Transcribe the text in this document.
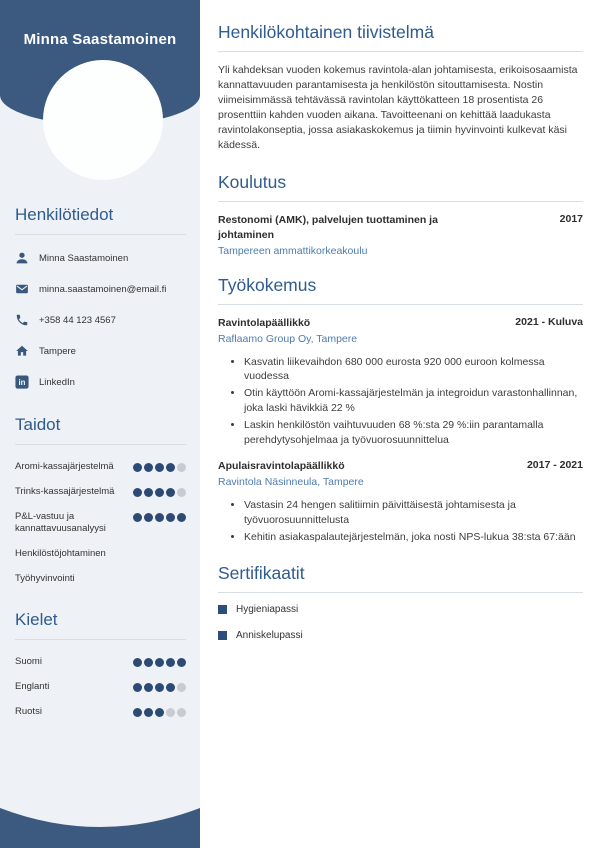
Minna Saastamoinen
Henkilötiedot
Minna Saastamoinen
minna.saastamoinen@email.fi
+358 44 123 4567
Tampere
in LinkedIn
Taidot
Aromi-kassajärjestelmä
Trinks-kassajärjestelmä
P&L-vastuu ja kannattavuusanalyysi
Henkilöstöjohtaminen
Työhyvinvointi
Kielet
Suomi
Englanti
Ruotsi
Henkilökohtainen tiivistelmä

Yli kahdeksan vuoden kokemus ravintola-alan johtamisesta, erikoisosaamista kannattavuuden parantamisesta ja henkilöstön sitouttamisesta. Nostin viimeisimmässä tehtävässä ravintolan käyttökatteen 18 prosentista 26 prosenttiin kahden vuoden aikana. Tavoitteenani on kehittää laadukasta ravintolakonseptia, jossa asiakaskokemus ja tiimin hyvinvointi kulkevat käsi kädessä.

Koulutus
Restonomi (AMK), palvelujen tuottaminen ja johtaminen
2017
Tampereen ammattikorkeakoulu
Työkokemus
Ravintolapäällikkö	2021 - Kuluva
Raflaamo Group Oy, Tampere
• Kasvatin liikevaihdon 680 000 eurosta 920 000 euroon kolmessa vuodessa
• Otin käyttöön Aromi-kassajärjestelmän ja integroidun varastonhallinnan, joka laski hävikkiä 22 %
• Laskin henkilöstön vaihtuvuuden 68 %:sta 29 %:iin parantamalla perehdytysohjelmaa ja työvuorosuunnittelua
Apulaisravintolapäällikkö	2017 - 2021
Ravintola Näsinneula, Tampere
• Vastasin 24 hengen salitiimin päivittäisestä johtamisesta ja työvuorosuunnittelusta
• Kehitin asiakaspalautejärjestelmän, joka nosti NPS-lukua 38:sta 67:ään
Sertifikaatit
Hygieniapassi
Anniskelupassi
